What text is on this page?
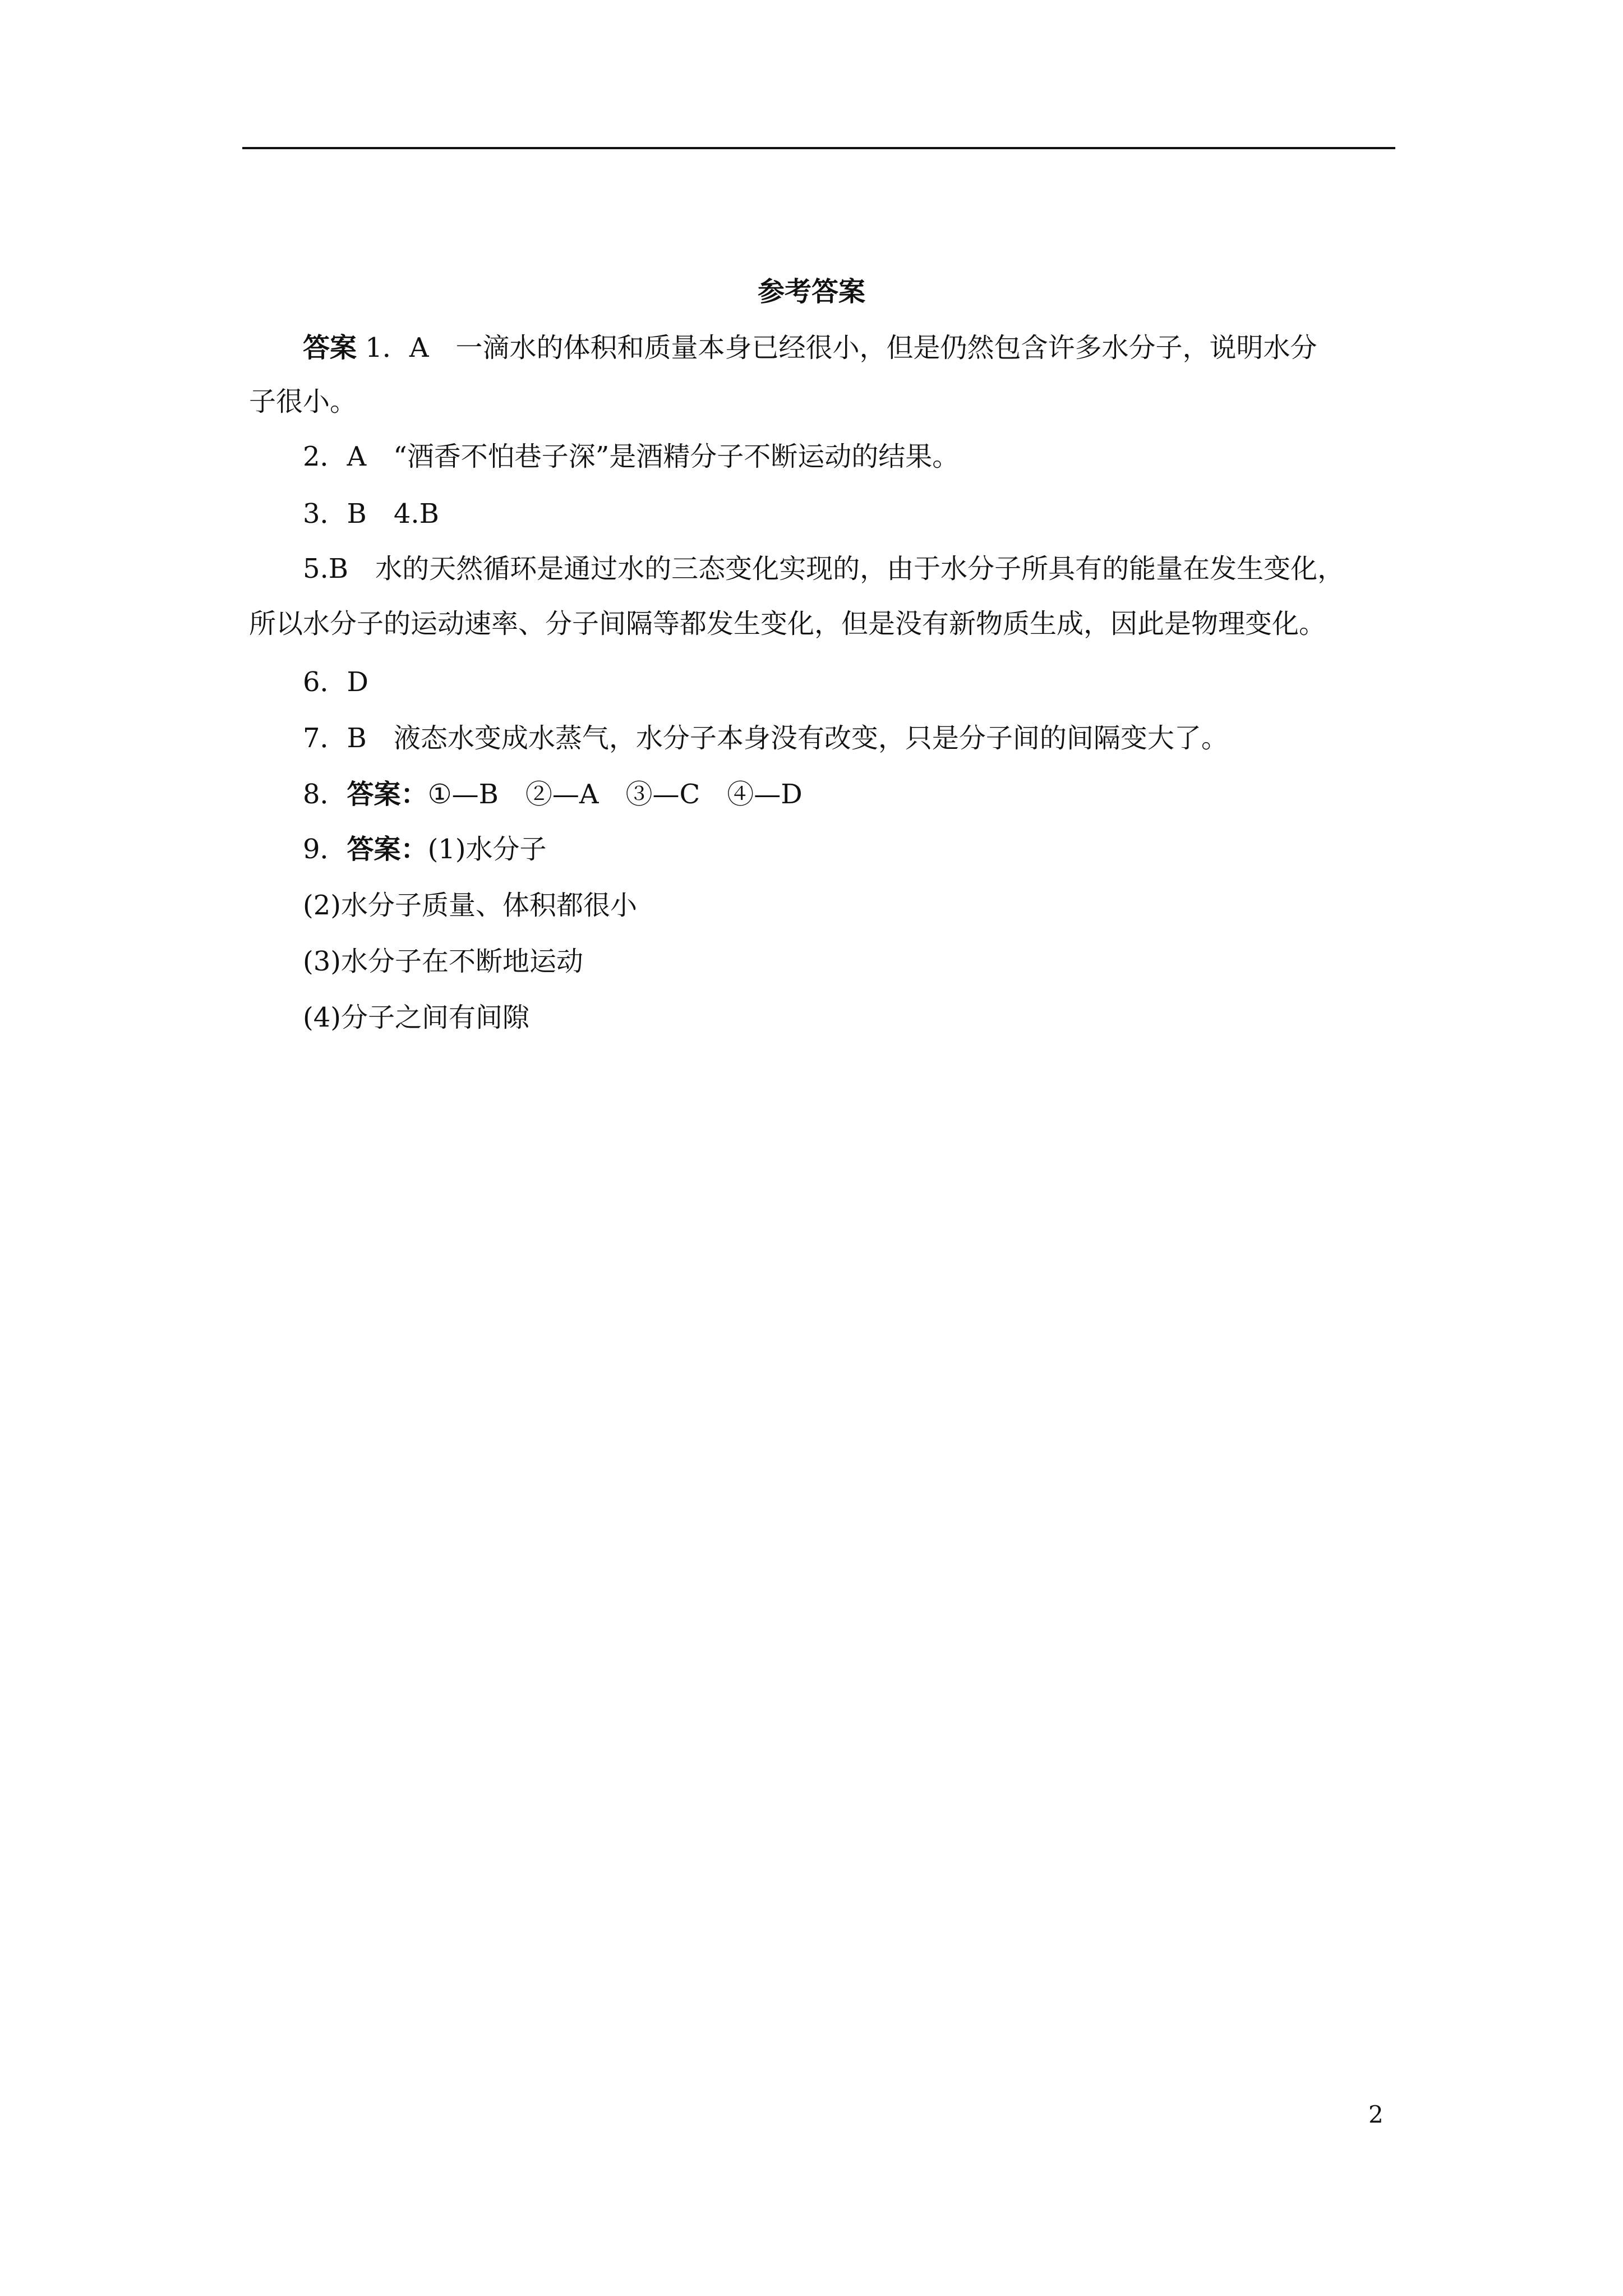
参考答案
答案 1．A　一滴水的体积和质量本身已经很小，但是仍然包含许多水分子，说明水分
子很小。
2．A　“酒香不怕巷子深”是酒精分子不断运动的结果。
3．B　4.B
5.B　水的天然循环是通过水的三态变化实现的，由于水分子所具有的能量在发生变化，
所以水分子的运动速率、分子间隔等都发生变化，但是没有新物质生成，因此是物理变化。
6．D
7．B　液态水变成水蒸气，水分子本身没有改变，只是分子间的间隔变大了。
8．答案：①—B　②—A　③—C　④—D
9．答案：(1)水分子
(2)水分子质量、体积都很小
(3)水分子在不断地运动
(4)分子之间有间隙
2
